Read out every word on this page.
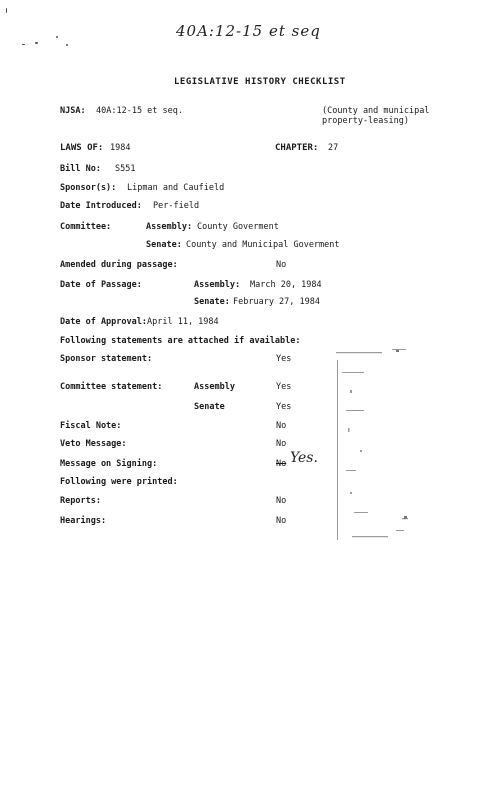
40A:12-15 et seq
LEGISLATIVE HISTORY CHECKLIST
NJSA: 40A:12-15 et seq.	(County and municipal
property-leasing)
LAWS OF: 1984	CHAPTER: 27
Bill No: S551
Sponsor(s): Lipman and Caufield
Date Introduced: Per-field
Committee:	Assembly: County Goverment
Senate: County and Municipal Goverment
Amended during passage:	No
Date of Passage:	Assembly: March 20, 1984
Senate: February 27, 1984
Date of Approval: April 11, 1984
Following statements are attached if available:
Sponsor statement:	Yes
Committee statement:	Assembly	Yes
Senate	Yes
Fiscal Note:	No
Veto Message:	No
Message on Signing:	No Yes.
Following were printed:
Reports:	No
Hearings:	No
